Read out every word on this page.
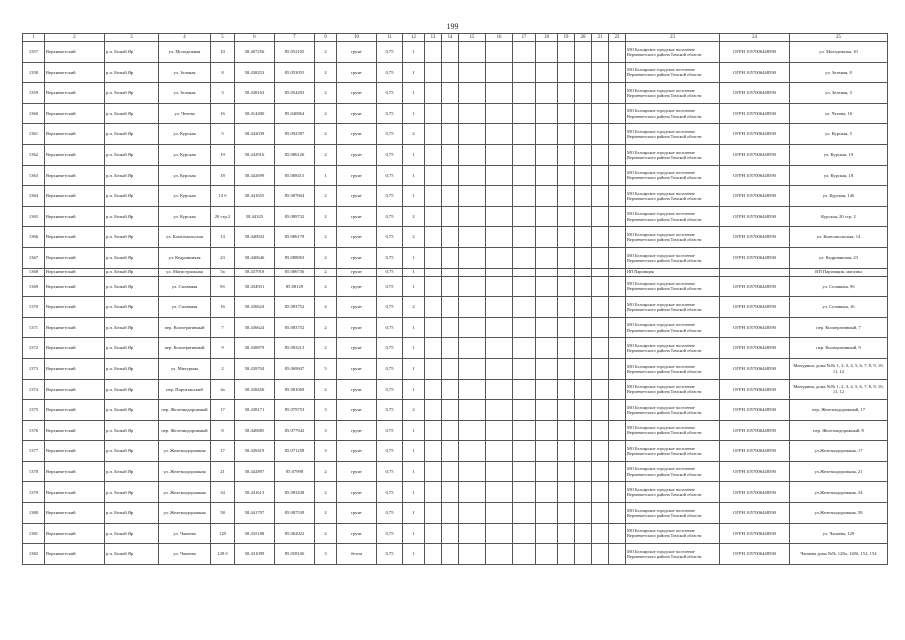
199
1	2	3	4	5	6	7	9	10	11	12	13	14	15	16	17	18	19	20	21	22	23	24	25
1357	Верхнекетский	р.п. Белый Яр	ул. Молодежная	10	58.407256	85.052105	2	грунт	0,75	1											МО Белоярское городское поселение Верхнекетского района Томской области	ОГРН 1057006448590	ул. Молодежная, 10
1358	Верхнекетский	р.п. Белый Яр	ул. Зеленая	8	58.438253	85.053055	2	грунт	0,75	1											МО Белоярское городское поселение Верхнекетского района Томской области	ОГРН 1057006448590	ул. Зеленая, 8
1359	Верхнекетский	р.п. Белый Яр	ул. Зеленая	3	58.438163	85.054293	2	грунт	0,75	1											МО Белоярское городское поселение Верхнекетского района Томской области	ОГРН 1057006448590	ул. Зеленая, 3
1360	Верхнекетский	р.п. Белый Яр	ул. Чехова	16	58.414490	85.040864	2	грунт	0,75	1											МО Белоярское городское поселение Верхнекетского района Томской области	ОГРН 1057006448590	ул. Чехова, 16
1361	Верхнекетский	р.п. Белый Яр	ул. Курская	5	58.442039	85.092587	2	грунт	0,75	2											МО Белоярское городское поселение Верхнекетского района Томской области	ОГРН 1057006448590	ул. Курская, 5
1362	Верхнекетский	р.п. Белый Яр	ул. Курская	19	58.442916	85.086126	2	грунт	0,75	1											МО Белоярское городское поселение Верхнекетского района Томской области	ОГРН 1057006448590	ул. Курская, 19
1363	Верхнекетский	р.п. Белый Яр	ул. Курская	18	58.442699	85.088415	1	грунт	0,75	1											МО Белоярское городское поселение Верхнекетского района Томской области	ОГРН 1057006448590	ул. Курская, 18
1364	Верхнекетский	р.п. Белый Яр	ул. Курская	14 б	58.441655	85.087604	2	грунт	0,75	1											МО Белоярское городское поселение Верхнекетского района Томской области	ОГРН 1057006448590	ул. Курская, 14б
1365	Верхнекетский	р.п. Белый Яр	ул. Курская	20 стр.2	58.44325	85.089732	2	грунт	0,75	2											МО Белоярское городское поселение Верхнекетского района Томской области	ОГРН 1057006448590	Курская, 20 стр. 2
1366	Верхнекетский	р.п. Белый Яр	ул. Комсомольская	14	58.440932	85.086178	2	грунт	0,75	2											МО Белоярское городское поселение Верхнекетского района Томской области	ОГРН 1057006448590	ул. Комсомольская, 14
1367	Верхнекетский	р.п. Белый Яр	ул. Кедровничая	23	58.440646	85.088963	2	грунт	0,75	1											МО Белоярское городское поселение Верхнекетского района Томской области	ОГРН 1057006448590	ул. Кедровничая, 23
1368	Верхнекетский	р.п. Белый Яр	ул. Магистральная	5а	58.437918	85.086736	2	грунт	0,75	1											ИП Паромщик		ИП Паромщик, магазин
1369	Верхнекетский	р.п. Белый Яр	ул. Сплавная	9б	58.434931	85.08129	2	грунт	0,75	1											МО Белоярское городское поселение Верхнекетского района Томской области	ОГРН 1057006448590	ул. Сплавная, 9б
1370	Верхнекетский	р.п. Белый Яр	ул. Сплавная	16	58.436624	85.083752	4	грунт	0,75	2											МО Белоярское городское поселение Верхнекетского района Томской области	ОГРН 1057006448590	ул. Сплавная, 16
1371	Верхнекетский	р.п. Белый Яр	пер. Кооперативный	7	58.436624	85.083752	2	грунт	0,75	1											МО Белоярское городское поселение Верхнекетского района Томской области	ОГРН 1057006448590	пер. Кооперативный, 7
1372	Верхнекетский	р.п. Белый Яр	пер. Кооперативный	9	58.438879	85.083213	2	грунт	0,75	1											МО Белоярское городское поселение Верхнекетского района Томской области	ОГРН 1057006448590	пер. Кооперативный, 9
1373	Верхнекетский	р.п. Белый Яр	ул. Мичурина	2	58.439704	85.069847	5	грунт	0,75	1											МО Белоярское городское поселение Верхнекетского района Томской области	ОГРН 1057006448590	Мичурина, дома №№ 1, 2, 3, 4, 5, 6, 7, 8, 9, 10, 11, 12
1374	Верхнекетский	р.п. Белый Яр	пер. Партизанский	4а	58.438456	85.081069	2	грунт	0,75	1											МО Белоярское городское поселение Верхнекетского района Томской области	ОГРН 1057006448590	Мичурина, дома №№ 1, 2, 3, 4, 5, 6, 7, 8, 9, 10, 11, 12
1375	Верхнекетский	р.п. Белый Яр	пер. Железнодорожный	17	58.438171	85.079753	3	грунт	0,75	2											МО Белоярское городское поселение Верхнекетского района Томской области	ОГРН 1057006448590	пер. Железнодорожный, 17
1376	Верхнекетский	р.п. Белый Яр	пер. Железнодорожный	8	58.440685	85.077942	3	грунт	0,75	1											МО Белоярское городское поселение Верхнекетского района Томской области	ОГРН 1057006448590	пер. Железнодорожный, 8
1377	Верхнекетский	р.п. Белый Яр	ул. Железнодорожная	17	58.439419	85.071258	3	грунт	0,75	1											МО Белоярское городское поселение Верхнекетского района Томской области	ОГРН 1057006448590	ул.Железнодорожная, 17
1378	Верхнекетский	р.п. Белый Яр	ул. Железнодорожная	21	58.442897	85.07998	2	грунт	0,75	1											МО Белоярское городское поселение Верхнекетского района Томской области	ОГРН 1057006448590	ул.Железнодорожная, 21
1379	Верхнекетский	р.п. Белый Яр	ул. Железнодорожная	34	58.441613	85.083438	2	грунт	0,75	1											МО Белоярское городское поселение Верхнекетского района Томской области	ОГРН 1057006448590	ул.Железнодорожная, 34
1380	Верхнекетский	р.п. Белый Яр	ул. Железнодорожная	58	58.441797	85.087539	2	грунт	0,75	1											МО Белоярское городское поселение Верхнекетского района Томской области	ОГРН 1057006448590	ул.Железнодорожная, 58
1381	Верхнекетский	р.п. Белый Яр	ул. Чапаева	129	58.435188	85.062022	2	грунт	0,75	1											МО Белоярское городское поселение Верхнекетского района Томской области	ОГРН 1057006448590	ул. Чапаева, 129
1382	Верхнекетский	р.п. Белый Яр	ул. Чапаева	129 б	58.431099	85.058106	3	бетон	0,75	1											МО Белоярское городское поселение Верхнекетского района Томской области	ОГРН 1057006448590	Чапаева дома №№ 128а, 128б, 152, 154
